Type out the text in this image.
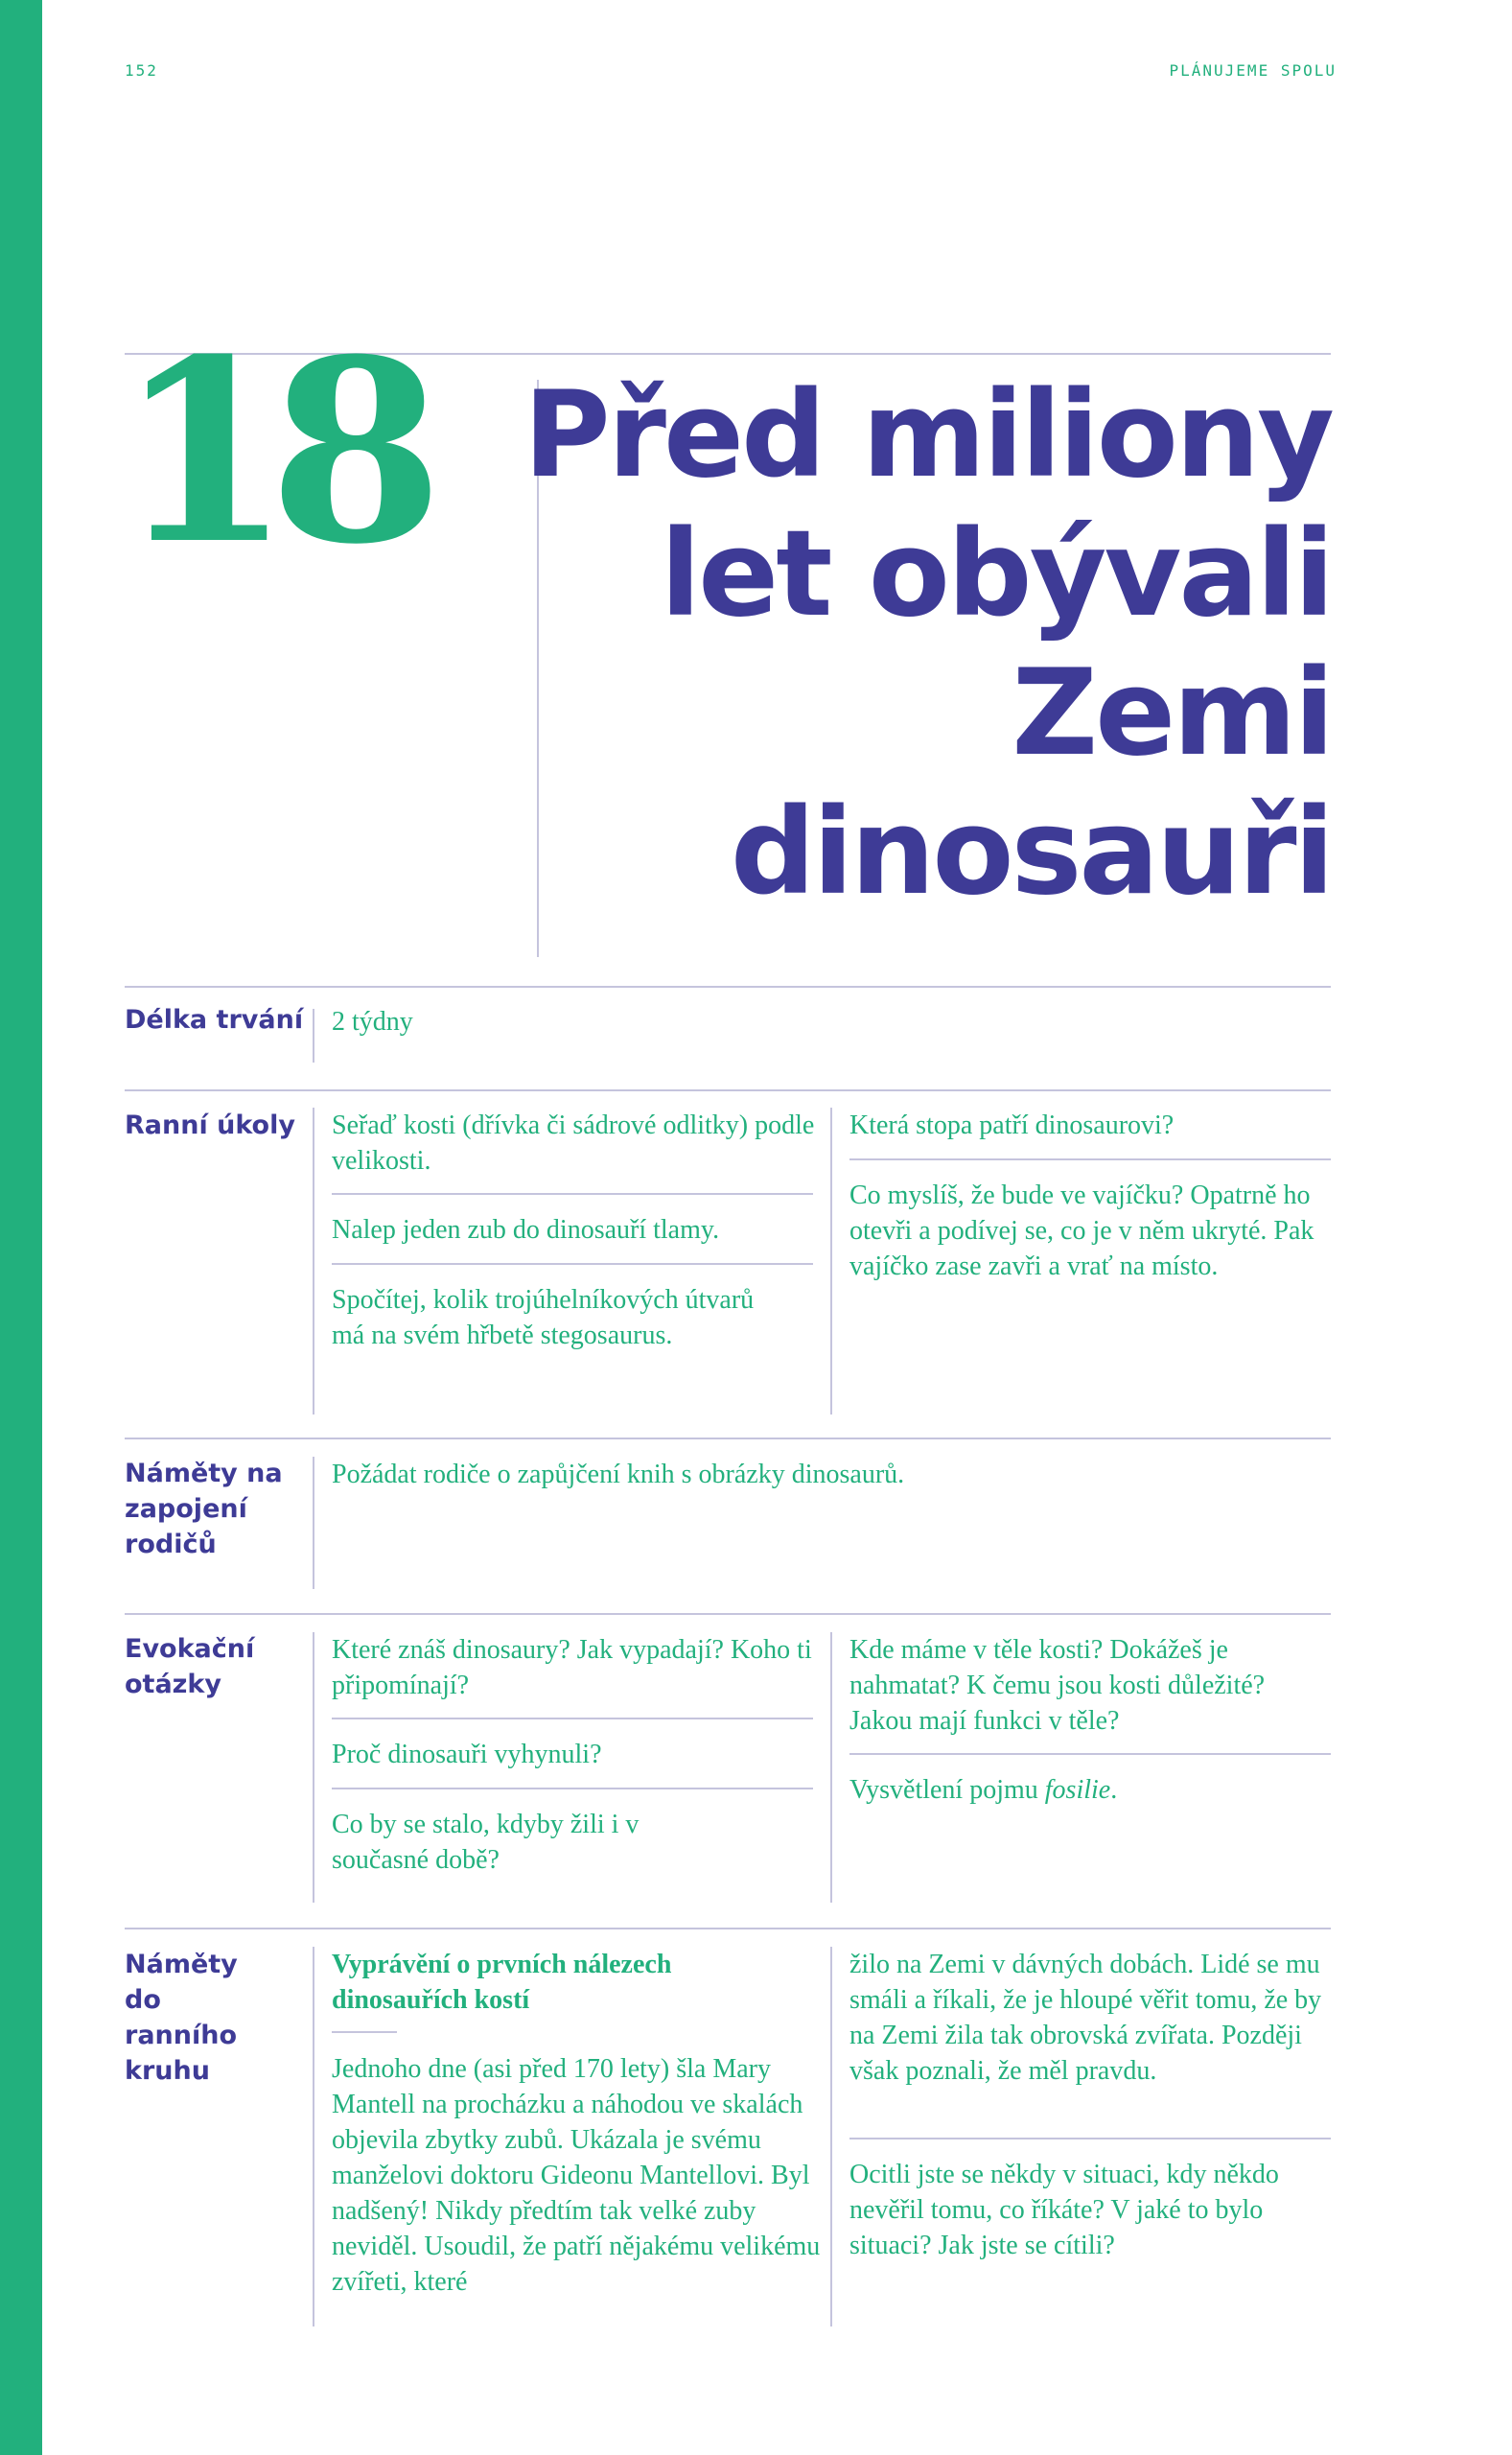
152	PLÁNUJEME SPOLU
18 Před miliony
let obývali
Zemi
dinosauři
Délka trvání 2 týdny
Ranní úkoly	Seřaď kosti (dřívka či sádrové odlitky) podle velikosti.
Nalep jeden zub do dinosauří tlamy.
Spočítej, kolik trojúhelníkových útvarů má na svém hřbetě stegosaurus.
Která stopa patří dinosaurovi?
Co myslíš, že bude ve vajíčku? Opatrně ho otevři a podívej se, co je v něm ukryté. Pak vajíčko zase zavři a vrať na místo.
Náměty na zapojení rodičů
Požádat rodiče o zapůjčení knih s obrázky dinosaurů.
Evokační otázky
Které znáš dinosaury? Jak vypadají? Koho ti připomínají?
Proč dinosauři vyhynuli?
Co by se stalo, kdyby žili i v současné době?
Kde máme v těle kosti? Dokážeš je nahmatat? K čemu jsou kosti důležité? Jakou mají funkci v těle?
Vysvětlení pojmu fosilie.
Náměty do ranního kruhu
Vyprávění o prvních nálezech dinosauřích kostí
Jednoho dne (asi před 170 lety) šla Mary Mantell na procházku a náhodou ve skalách objevila zbytky zubů. Ukázala je svému manželovi doktoru Gideonu Mantellovi. Byl nadšený! Nikdy předtím tak velké zuby neviděl. Usoudil, že patří nějakému velikému zvířeti, které
žilo na Zemi v dávných dobách. Lidé se mu smáli a říkali, že je hloupé věřit tomu, že by na Zemi žila tak obrovská zvířata. Později však poznali, že měl pravdu.
Ocitli jste se někdy v situaci, kdy někdo nevěřil tomu, co říkáte? V jaké to bylo situaci? Jak jste se cítili?
